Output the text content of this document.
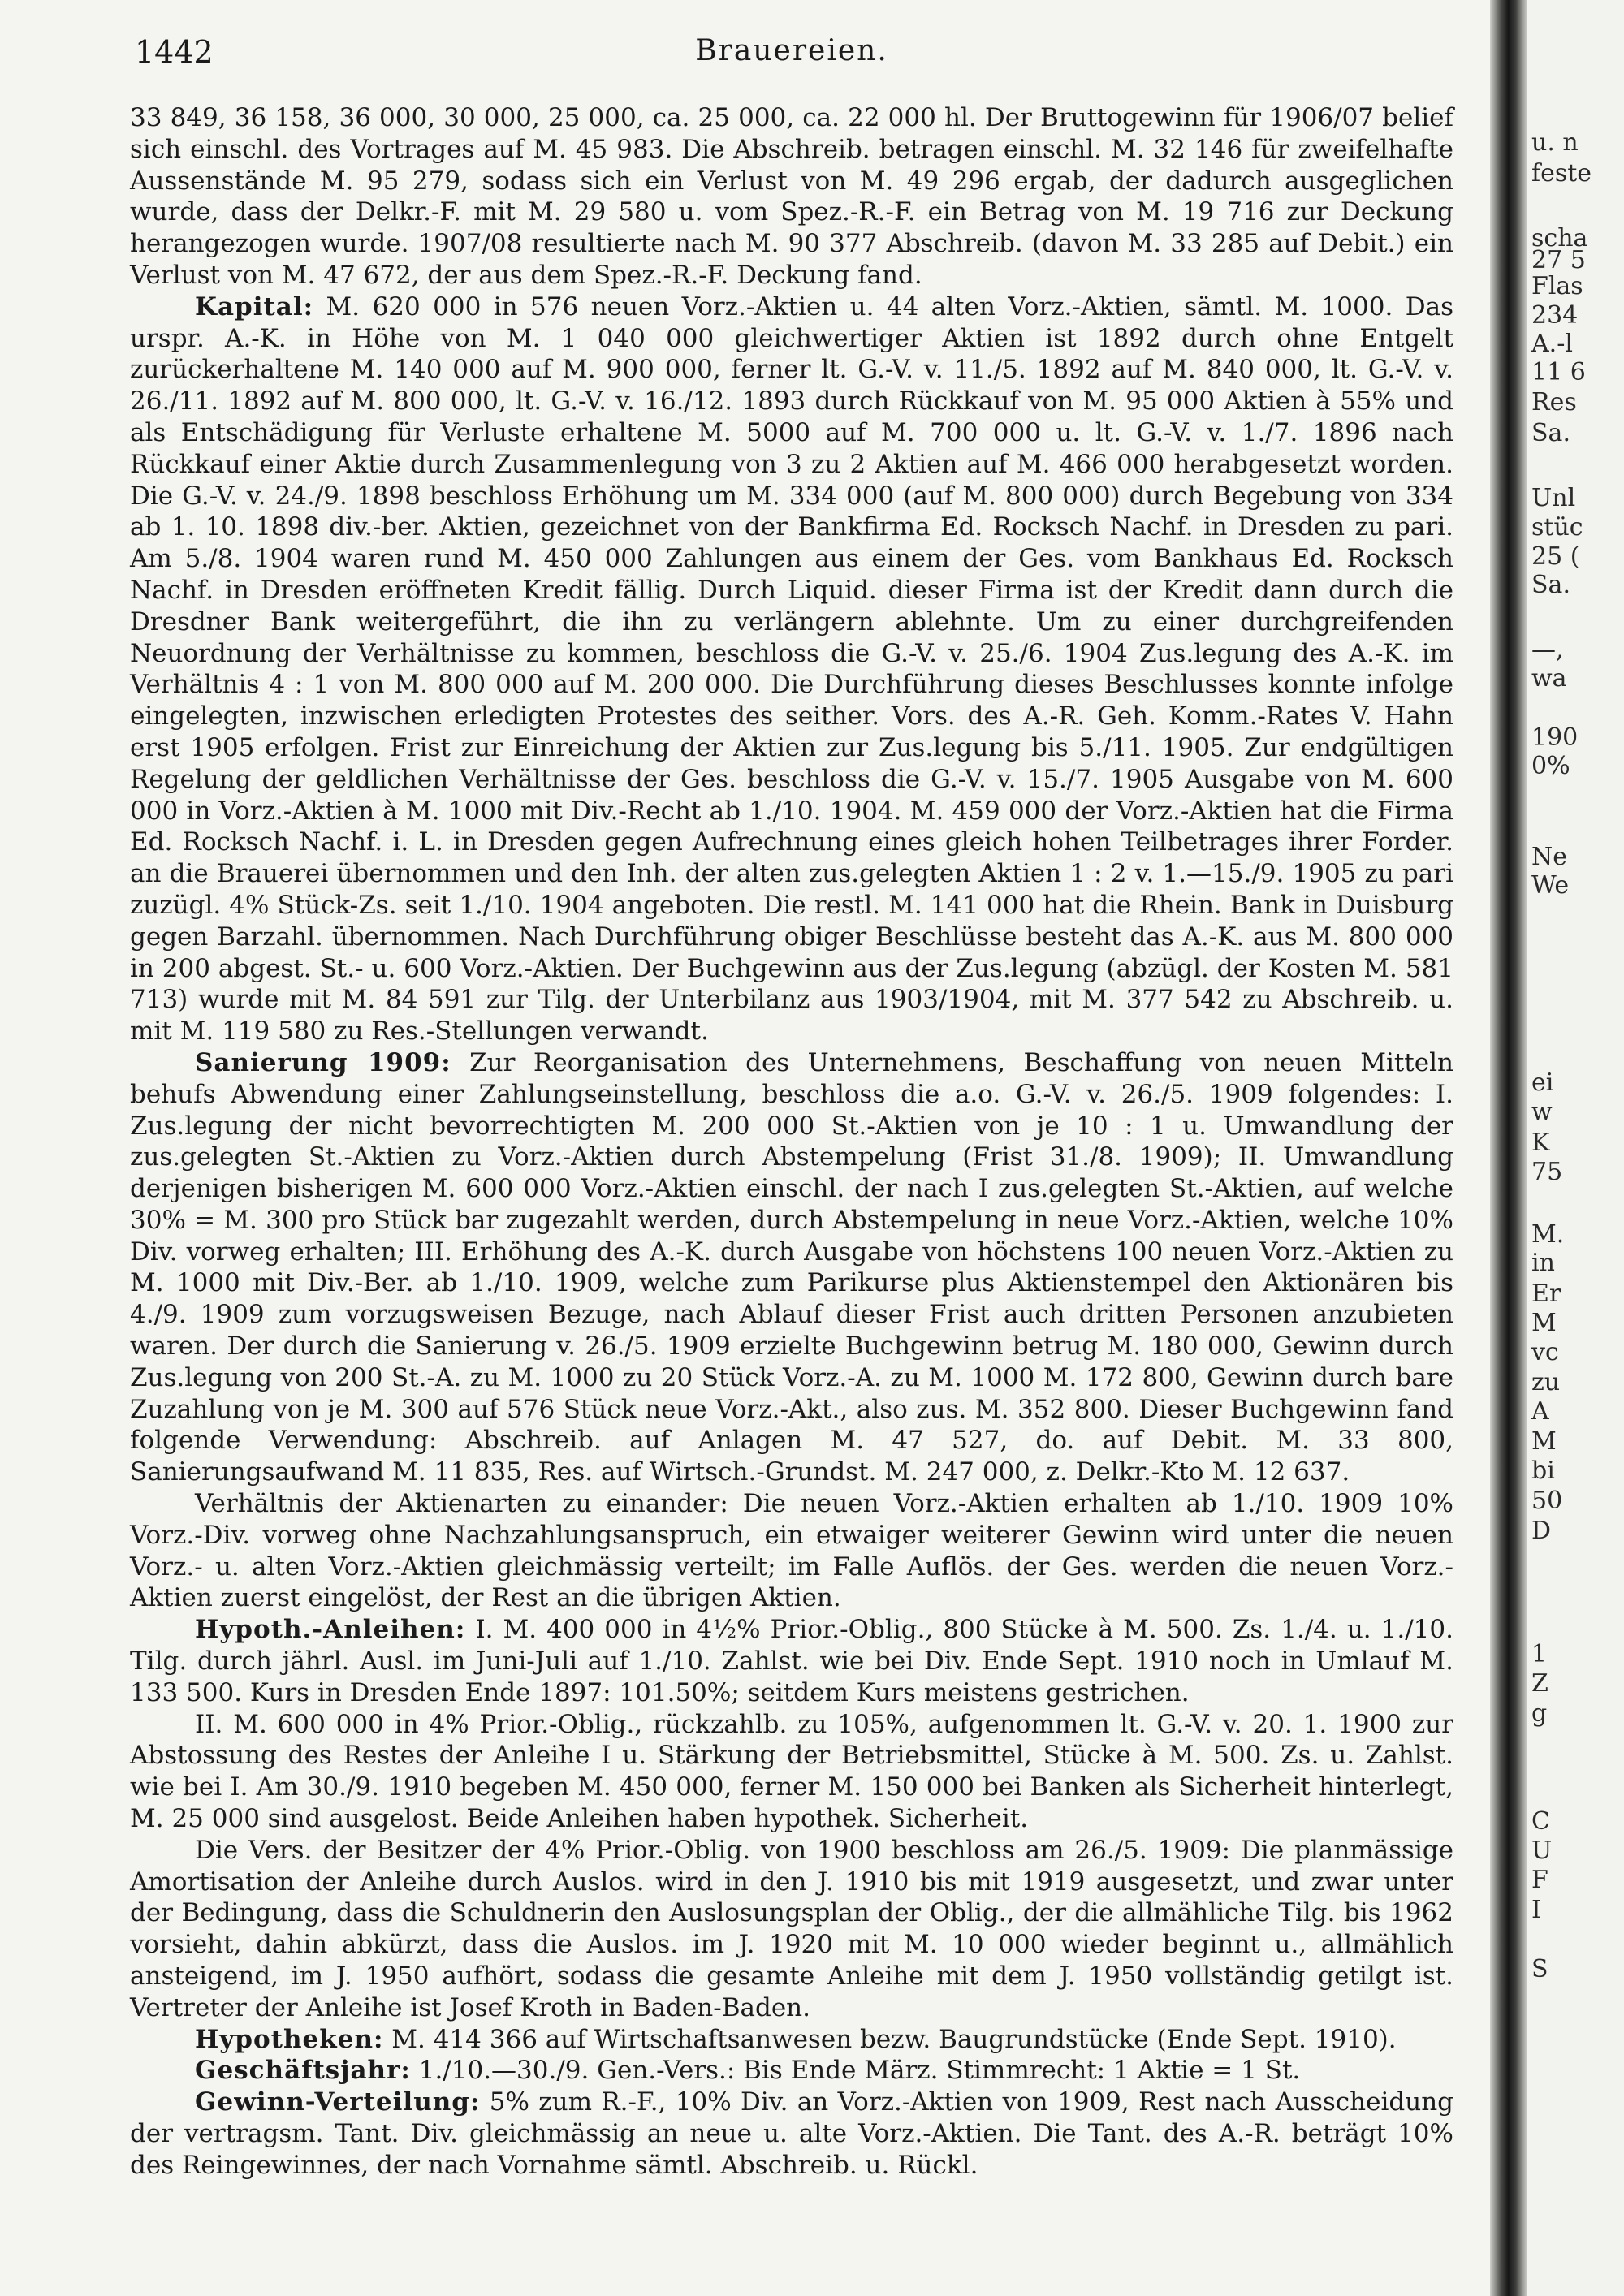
1442	Brauereien.

33 849, 36 158, 36 000, 30 000, 25 000, ca. 25 000, ca. 22 000 hl. Der Bruttogewinn für 1906/07 belief sich einschl. des Vortrages auf M. 45 983. Die Abschreib. betragen einschl. M. 32 146 für zweifelhafte Aussenstände M. 95 279, sodass sich ein Verlust von M. 49 296 ergab, der dadurch ausgeglichen wurde, dass der Delkr.-F. mit M. 29 580 u. vom Spez.-R.-F. ein Betrag von M. 19 716 zur Deckung herangezogen wurde. 1907/08 resultierte nach M. 90 377 Abschreib. (davon M. 33 285 auf Debit.) ein Verlust von M. 47 672, der aus dem Spez.-R.-F. Deckung fand.

Kapital: M. 620 000 in 576 neuen Vorz.-Aktien u. 44 alten Vorz.-Aktien, sämtl. M. 1000. Das urspr. A.-K. in Höhe von M. 1 040 000 gleichwertiger Aktien ist 1892 durch ohne Entgelt zurückerhaltene M. 140 000 auf M. 900 000, ferner lt. G.-V. v. 11./5. 1892 auf M. 840 000, lt. G.-V. v. 26./11. 1892 auf M. 800 000, lt. G.-V. v. 16./12. 1893 durch Rückkauf von M. 95 000 Aktien à 55% und als Entschädigung für Verluste erhaltene M. 5000 auf M. 700 000 u. lt. G.-V. v. 1./7. 1896 nach Rückkauf einer Aktie durch Zusammenlegung von 3 zu 2 Aktien auf M. 466 000 herabgesetzt worden. Die G.-V. v. 24./9. 1898 beschloss Erhöhung um M. 334 000 (auf M. 800 000) durch Begebung von 334 ab 1. 10. 1898 div.-ber. Aktien, gezeichnet von der Bankfirma Ed. Rocksch Nachf. in Dresden zu pari. Am 5./8. 1904 waren rund M. 450 000 Zahlungen aus einem der Ges. vom Bankhaus Ed. Rocksch Nachf. in Dresden eröffneten Kredit fällig. Durch Liquid. dieser Firma ist der Kredit dann durch die Dresdner Bank weitergeführt, die ihn zu verlängern ablehnte. Um zu einer durchgreifenden Neuordnung der Verhältnisse zu kommen, beschloss die G.-V. v. 25./6. 1904 Zus.legung des A.-K. im Verhältnis 4 : 1 von M. 800 000 auf M. 200 000. Die Durchführung dieses Beschlusses konnte infolge eingelegten, inzwischen erledigten Protestes des seither. Vors. des A.-R. Geh. Komm.-Rates V. Hahn erst 1905 erfolgen. Frist zur Einreichung der Aktien zur Zus.legung bis 5./11. 1905. Zur endgültigen Regelung der geldlichen Verhältnisse der Ges. beschloss die G.-V. v. 15./7. 1905 Ausgabe von M. 600 000 in Vorz.-Aktien à M. 1000 mit Div.-Recht ab 1./10. 1904. M. 459 000 der Vorz.-Aktien hat die Firma Ed. Rocksch Nachf. i. L. in Dresden gegen Aufrechnung eines gleich hohen Teilbetrages ihrer Forder. an die Brauerei übernommen und den Inh. der alten zus.gelegten Aktien 1 : 2 v. 1.—15./9. 1905 zu pari zuzügl. 4% Stück-Zs. seit 1./10. 1904 angeboten. Die restl. M. 141 000 hat die Rhein. Bank in Duisburg gegen Barzahl. übernommen. Nach Durchführung obiger Beschlüsse besteht das A.-K. aus M. 800 000 in 200 abgest. St.- u. 600 Vorz.-Aktien. Der Buchgewinn aus der Zus.legung (abzügl. der Kosten M. 581 713) wurde mit M. 84 591 zur Tilg. der Unterbilanz aus 1903/1904, mit M. 377 542 zu Abschreib. u. mit M. 119 580 zu Res.-Stellungen verwandt.

Sanierung 1909: Zur Reorganisation des Unternehmens, Beschaffung von neuen Mitteln behufs Abwendung einer Zahlungseinstellung, beschloss die a.o. G.-V. v. 26./5. 1909 folgendes: I. Zus.legung der nicht bevorrechtigten M. 200 000 St.-Aktien von je 10 : 1 u. Umwandlung der zus.gelegten St.-Aktien zu Vorz.-Aktien durch Abstempelung (Frist 31./8. 1909); II. Umwandlung derjenigen bisherigen M. 600 000 Vorz.-Aktien einschl. der nach I zus.gelegten St.-Aktien, auf welche 30% = M. 300 pro Stück bar zugezahlt werden, durch Abstempelung in neue Vorz.-Aktien, welche 10% Div. vorweg erhalten; III. Erhöhung des A.-K. durch Ausgabe von höchstens 100 neuen Vorz.-Aktien zu M. 1000 mit Div.-Ber. ab 1./10. 1909, welche zum Parikurse plus Aktienstempel den Aktionären bis 4./9. 1909 zum vorzugsweisen Bezuge, nach Ablauf dieser Frist auch dritten Personen anzubieten waren. Der durch die Sanierung v. 26./5. 1909 erzielte Buchgewinn betrug M. 180 000, Gewinn durch Zus.legung von 200 St.-A. zu M. 1000 zu 20 Stück Vorz.-A. zu M. 1000 M. 172 800, Gewinn durch bare Zuzahlung von je M. 300 auf 576 Stück neue Vorz.-Akt., also zus. M. 352 800. Dieser Buchgewinn fand folgende Verwendung: Abschreib. auf Anlagen M. 47 527, do. auf Debit. M. 33 800, Sanierungsaufwand M. 11 835, Res. auf Wirtsch.-Grundst. M. 247 000, z. Delkr.-Kto M. 12 637.

Verhältnis der Aktienarten zu einander: Die neuen Vorz.-Aktien erhalten ab 1./10. 1909 10% Vorz.-Div. vorweg ohne Nachzahlungsanspruch, ein etwaiger weiterer Gewinn wird unter die neuen Vorz.- u. alten Vorz.-Aktien gleichmässig verteilt; im Falle Auflös. der Ges. werden die neuen Vorz.-Aktien zuerst eingelöst, der Rest an die übrigen Aktien.

Hypoth.-Anleihen: I. M. 400 000 in 4½% Prior.-Oblig., 800 Stücke à M. 500. Zs. 1./4. u. 1./10. Tilg. durch jährl. Ausl. im Juni-Juli auf 1./10. Zahlst. wie bei Div. Ende Sept. 1910 noch in Umlauf M. 133 500. Kurs in Dresden Ende 1897: 101.50%; seitdem Kurs meistens gestrichen.

II. M. 600 000 in 4% Prior.-Oblig., rückzahlb. zu 105%, aufgenommen lt. G.-V. v. 20. 1. 1900 zur Abstossung des Restes der Anleihe I u. Stärkung der Betriebsmittel, Stücke à M. 500. Zs. u. Zahlst. wie bei I. Am 30./9. 1910 begeben M. 450 000, ferner M. 150 000 bei Banken als Sicherheit hinterlegt, M. 25 000 sind ausgelost. Beide Anleihen haben hypothek. Sicherheit.

Die Vers. der Besitzer der 4% Prior.-Oblig. von 1900 beschloss am 26./5. 1909: Die planmässige Amortisation der Anleihe durch Auslos. wird in den J. 1910 bis mit 1919 ausgesetzt, und zwar unter der Bedingung, dass die Schuldnerin den Auslosungsplan der Oblig., der die allmähliche Tilg. bis 1962 vorsieht, dahin abkürzt, dass die Auslos. im J. 1920 mit M. 10 000 wieder beginnt u., allmählich ansteigend, im J. 1950 aufhört, sodass die gesamte Anleihe mit dem J. 1950 vollständig getilgt ist. Vertreter der Anleihe ist Josef Kroth in Baden-Baden.

Hypotheken: M. 414 366 auf Wirtschaftsanwesen bezw. Baugrundstücke (Ende Sept. 1910).

Geschäftsjahr: 1./10.—30./9. Gen.-Vers.: Bis Ende März. Stimmrecht: 1 Aktie = 1 St.

Gewinn-Verteilung: 5% zum R.-F., 10% Div. an Vorz.-Aktien von 1909, Rest nach Ausscheidung der vertragsm. Tant. Div. gleichmässig an neue u. alte Vorz.-Aktien. Die Tant. des A.-R. beträgt 10% des Reingewinnes, der nach Vornahme sämtl. Abschreib. u. Rückl.

u. n
feste
scha
27 5
Flas
234
A.-l
11 6
Res
Sa.
Unl
stüc
25 (
Sa.
—,
wa
190
0%
Ne
We
ei
w
K
75
M.
in
Er
M
vc
zu
A
M
bi
50
D
1
Z
g
C
U
F
I
S
